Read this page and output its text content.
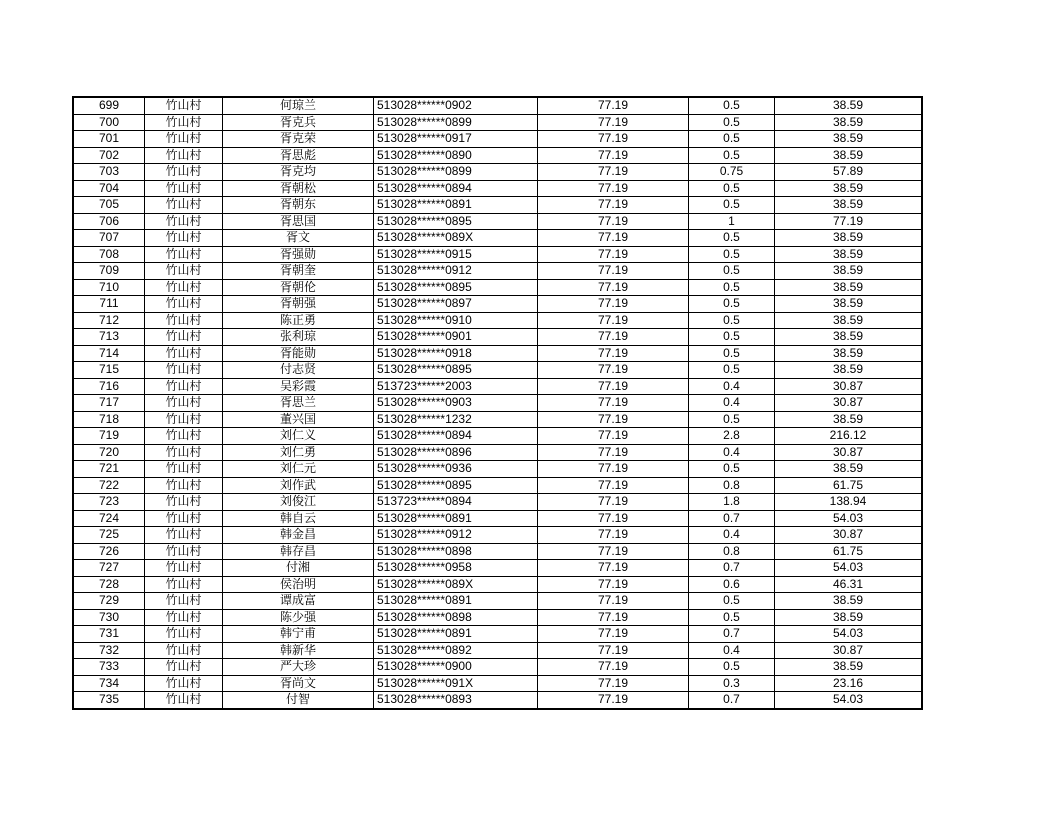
699	竹山村	何琼兰	513028******0902	77.19	0.5	38.59
700	竹山村	胥克兵	513028******0899	77.19	0.5	38.59
701	竹山村	胥克荣	513028******0917	77.19	0.5	38.59
702	竹山村	胥思彪	513028******0890	77.19	0.5	38.59
703	竹山村	胥克均	513028******0899	77.19	0.75	57.89
704	竹山村	胥朝松	513028******0894	77.19	0.5	38.59
705	竹山村	胥朝东	513028******0891	77.19	0.5	38.59
706	竹山村	胥思国	513028******0895	77.19	1	77.19
707	竹山村	胥文	513028******089X	77.19	0.5	38.59
708	竹山村	胥强勋	513028******0915	77.19	0.5	38.59
709	竹山村	胥朝奎	513028******0912	77.19	0.5	38.59
710	竹山村	胥朝伦	513028******0895	77.19	0.5	38.59
711	竹山村	胥朝强	513028******0897	77.19	0.5	38.59
712	竹山村	陈正勇	513028******0910	77.19	0.5	38.59
713	竹山村	张利琼	513028******0901	77.19	0.5	38.59
714	竹山村	胥能勋	513028******0918	77.19	0.5	38.59
715	竹山村	付志贤	513028******0895	77.19	0.5	38.59
716	竹山村	吴彩霞	513723******2003	77.19	0.4	30.87
717	竹山村	胥思兰	513028******0903	77.19	0.4	30.87
718	竹山村	董兴国	513028******1232	77.19	0.5	38.59
719	竹山村	刘仁义	513028******0894	77.19	2.8	216.12
720	竹山村	刘仁勇	513028******0896	77.19	0.4	30.87
721	竹山村	刘仁元	513028******0936	77.19	0.5	38.59
722	竹山村	刘作武	513028******0895	77.19	0.8	61.75
723	竹山村	刘俊江	513723******0894	77.19	1.8	138.94
724	竹山村	韩自云	513028******0891	77.19	0.7	54.03
725	竹山村	韩金昌	513028******0912	77.19	0.4	30.87
726	竹山村	韩存昌	513028******0898	77.19	0.8	61.75
727	竹山村	付湘	513028******0958	77.19	0.7	54.03
728	竹山村	侯治明	513028******089X	77.19	0.6	46.31
729	竹山村	谭成富	513028******0891	77.19	0.5	38.59
730	竹山村	陈少强	513028******0898	77.19	0.5	38.59
731	竹山村	韩宁甫	513028******0891	77.19	0.7	54.03
732	竹山村	韩新华	513028******0892	77.19	0.4	30.87
733	竹山村	严大珍	513028******0900	77.19	0.5	38.59
734	竹山村	胥尚文	513028******091X	77.19	0.3	23.16
735	竹山村	付智	513028******0893	77.19	0.7	54.03
